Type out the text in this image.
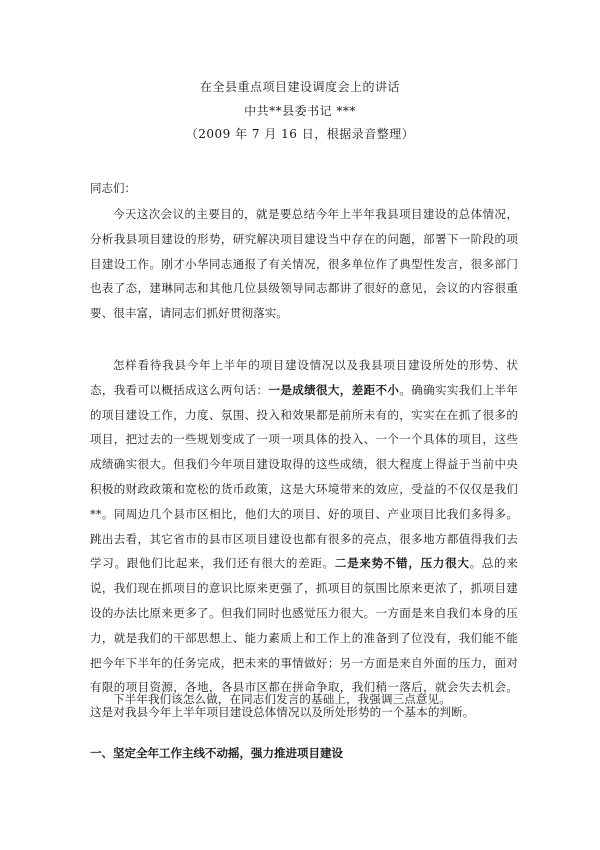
在全县重点项目建设调度会上的讲话
中共**县委书记 ***
（2009 年 7 月 16 日，根据录音整理）
同志们：

今天这次会议的主要目的，就是要总结今年上半年我县项目建设的总体情况，分析我县项目建设的形势，研究解决项目建设当中存在的问题，部署下一阶段的项目建设工作。刚才小华同志通报了有关情况，很多单位作了典型性发言，很多部门也表了态，建琳同志和其他几位县级领导同志都讲了很好的意见，会议的内容很重要、很丰富，请同志们抓好贯彻落实。

怎样看待我县今年上半年的项目建设情况以及我县项目建设所处的形势、状态，我看可以概括成这么两句话：一是成绩很大，差距不小。确确实实我们上半年的项目建设工作，力度、氛围、投入和效果都是前所未有的，实实在在抓了很多的项目，把过去的一些规划变成了一项一项具体的投入、一个一个具体的项目，这些成绩确实很大。但我们今年项目建设取得的这些成绩，很大程度上得益于当前中央积极的财政政策和宽松的货币政策，这是大环境带来的效应，受益的不仅仅是我们**。同周边几个县市区相比，他们大的项目、好的项目、产业项目比我们多得多。跳出去看，其它省市的县市区项目建设也都有很多的亮点，很多地方都值得我们去学习。跟他们比起来，我们还有很大的差距。二是来势不错，压力很大。总的来说，我们现在抓项目的意识比原来更强了，抓项目的氛围比原来更浓了，抓项目建设的办法比原来更多了。但我们同时也感觉压力很大。一方面是来自我们本身的压力，就是我们的干部思想上、能力素质上和工作上的准备到了位没有，我们能不能把今年下半年的任务完成，把未来的事情做好；另一方面是来自外面的压力，面对有限的项目资源，各地，各县市区都在拼命争取，我们稍一落后，就会失去机会。这是对我县今年上半年项目建设总体情况以及所处形势的一个基本的判断。

下半年我们该怎么做，在同志们发言的基础上，我强调三点意见。

一、坚定全年工作主线不动摇，强力推进项目建设
